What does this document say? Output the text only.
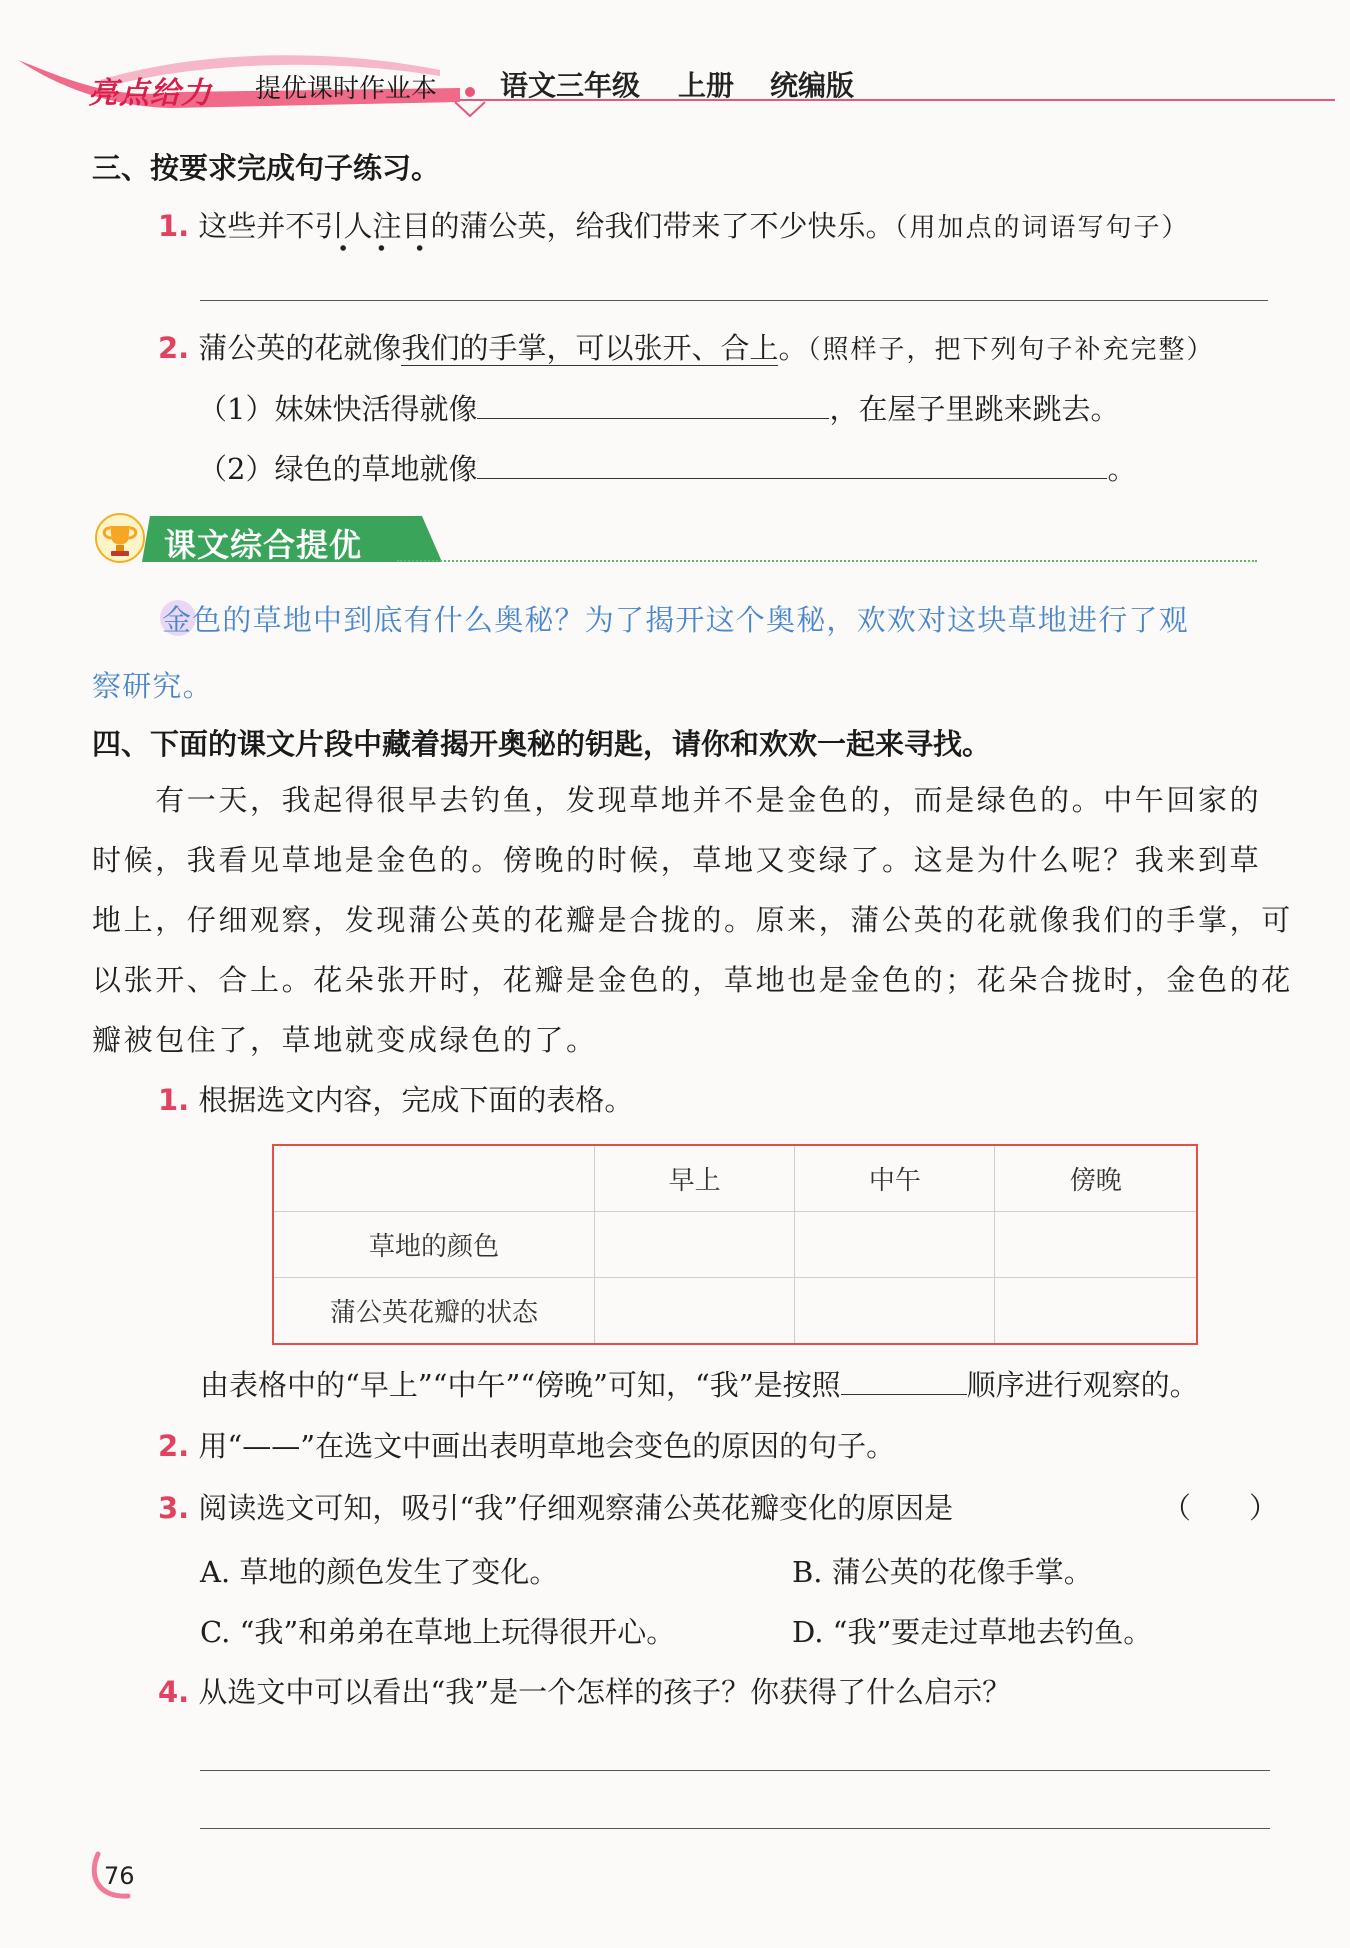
亮点给力 提优课时作业本 语文三年级 上册 统编版
三、按要求完成句子练习。
1. 这些并不引人注目的蒲公英，给我们带来了不少快乐。（用加点的词语写句子）
2. 蒲公英的花就像我们的手掌，可以张开、合上。（照样子，把下列句子补充完整）
（1）妹妹快活得就像	，在屋子里跳来跳去。
（2）绿色的草地就像	。
课文综合提优
金色的草地中到底有什么奥秘？为了揭开这个奥秘，欢欢对这块草地进行了观
察研究。
四、下面的课文片段中藏着揭开奥秘的钥匙，请你和欢欢一起来寻找。
　　有一天，我起得很早去钓鱼，发现草地并不是金色的，而是绿色的。中午回家的
时候，我看见草地是金色的。傍晚的时候，草地又变绿了。这是为什么呢？我来到草
地上，仔细观察，发现蒲公英的花瓣是合拢的。原来，蒲公英的花就像我们的手掌，可
以张开、合上。花朵张开时，花瓣是金色的，草地也是金色的；花朵合拢时，金色的花
瓣被包住了，草地就变成绿色的了。
1. 根据选文内容，完成下面的表格。
	早上	中午	傍晚
草地的颜色			
蒲公英花瓣的状态			
由表格中的“早上”“中午”“傍晚”可知，“我”是按照	顺序进行观察的。
2. 用“——”在选文中画出表明草地会变色的原因的句子。
3. 阅读选文可知，吸引“我”仔细观察蒲公英花瓣变化的原因是	（　　）
A. 草地的颜色发生了变化。	B. 蒲公英的花像手掌。
C. “我”和弟弟在草地上玩得很开心。	D. “我”要走过草地去钓鱼。
4. 从选文中可以看出“我”是一个怎样的孩子？你获得了什么启示？
76
